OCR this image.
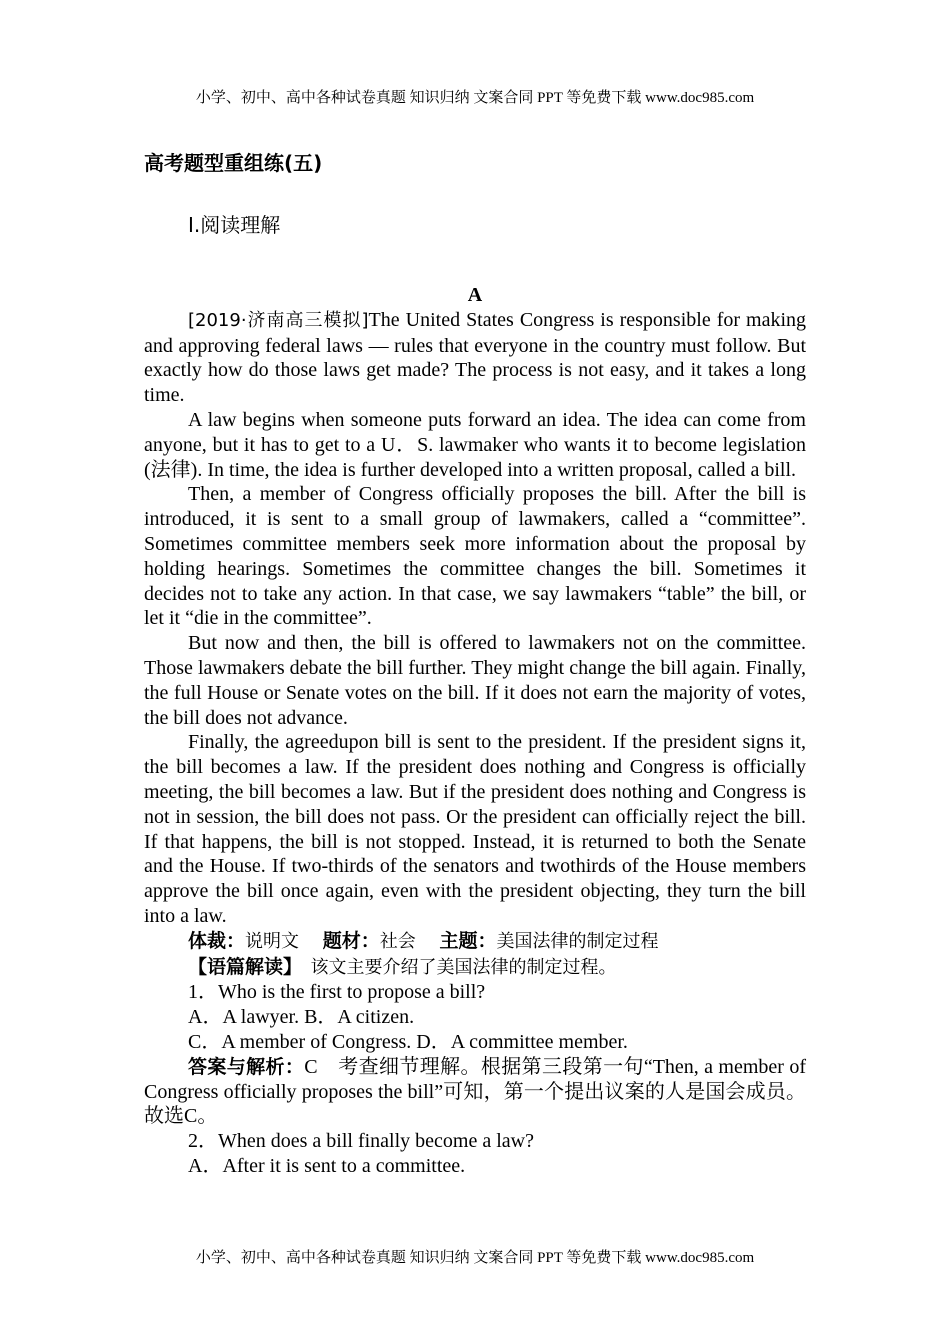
小学、初中、高中各种试卷真题 知识归纳 文案合同 PPT 等免费下载 www.doc985.com
高考题型重组练(五)
Ⅰ.阅读理解
A

[2019·济南高三模拟]The United States Congress is responsible for making and approving federal laws — rules that everyone in the country must follow. But exactly how do those laws get made? The process is not easy, and it takes a long time.

A law begins when someone puts forward an idea. The idea can come from anyone, but it has to get to a U．S. lawmaker who wants it to become legislation (法律). In time, the idea is further developed into a written proposal, called a bill.

Then, a member of Congress officially proposes the bill. After the bill is introduced, it is sent to a small group of lawmakers, called a “committee”. Sometimes committee members seek more information about the proposal by holding hearings. Sometimes the committee changes the bill. Sometimes it decides not to take any action. In that case, we say lawmakers “table” the bill, or let it “die in the committee”.

But now and then, the bill is offered to lawmakers not on the committee. Those lawmakers debate the bill further. They might change the bill again. Finally, the full House or Senate votes on the bill. If it does not earn the majority of votes, the bill does not advance.

Finally, the agreedupon bill is sent to the president. If the president signs it, the bill becomes a law. If the president does nothing and Congress is officially meeting, the bill becomes a law. But if the president does nothing and Congress is not in session, the bill does not pass. Or the president can officially reject the bill. If that happens, the bill is not stopped. Instead, it is returned to both the Senate and the House. If two-thirds of the senators and twothirds of the House members approve the bill once again, even with the president objecting, they turn the bill into a law.

体裁：说明文　 题材：社会　 主题：美国法律的制定过程

【语篇解读】　 该文主要介绍了美国法律的制定过程。

1．Who is the first to propose a bill?

A．A lawyer. B．A citizen.

C．A member of Congress. D．A committee member.

答案与解析：C　考查细节理解。根据第三段第一句“Then, a member of Congress officially proposes the bill”可知，第一个提出议案的人是国会成员。故选C。

2．When does a bill finally become a law?

A．After it is sent to a committee.

小学、初中、高中各种试卷真题 知识归纳 文案合同 PPT 等免费下载 www.doc985.com
